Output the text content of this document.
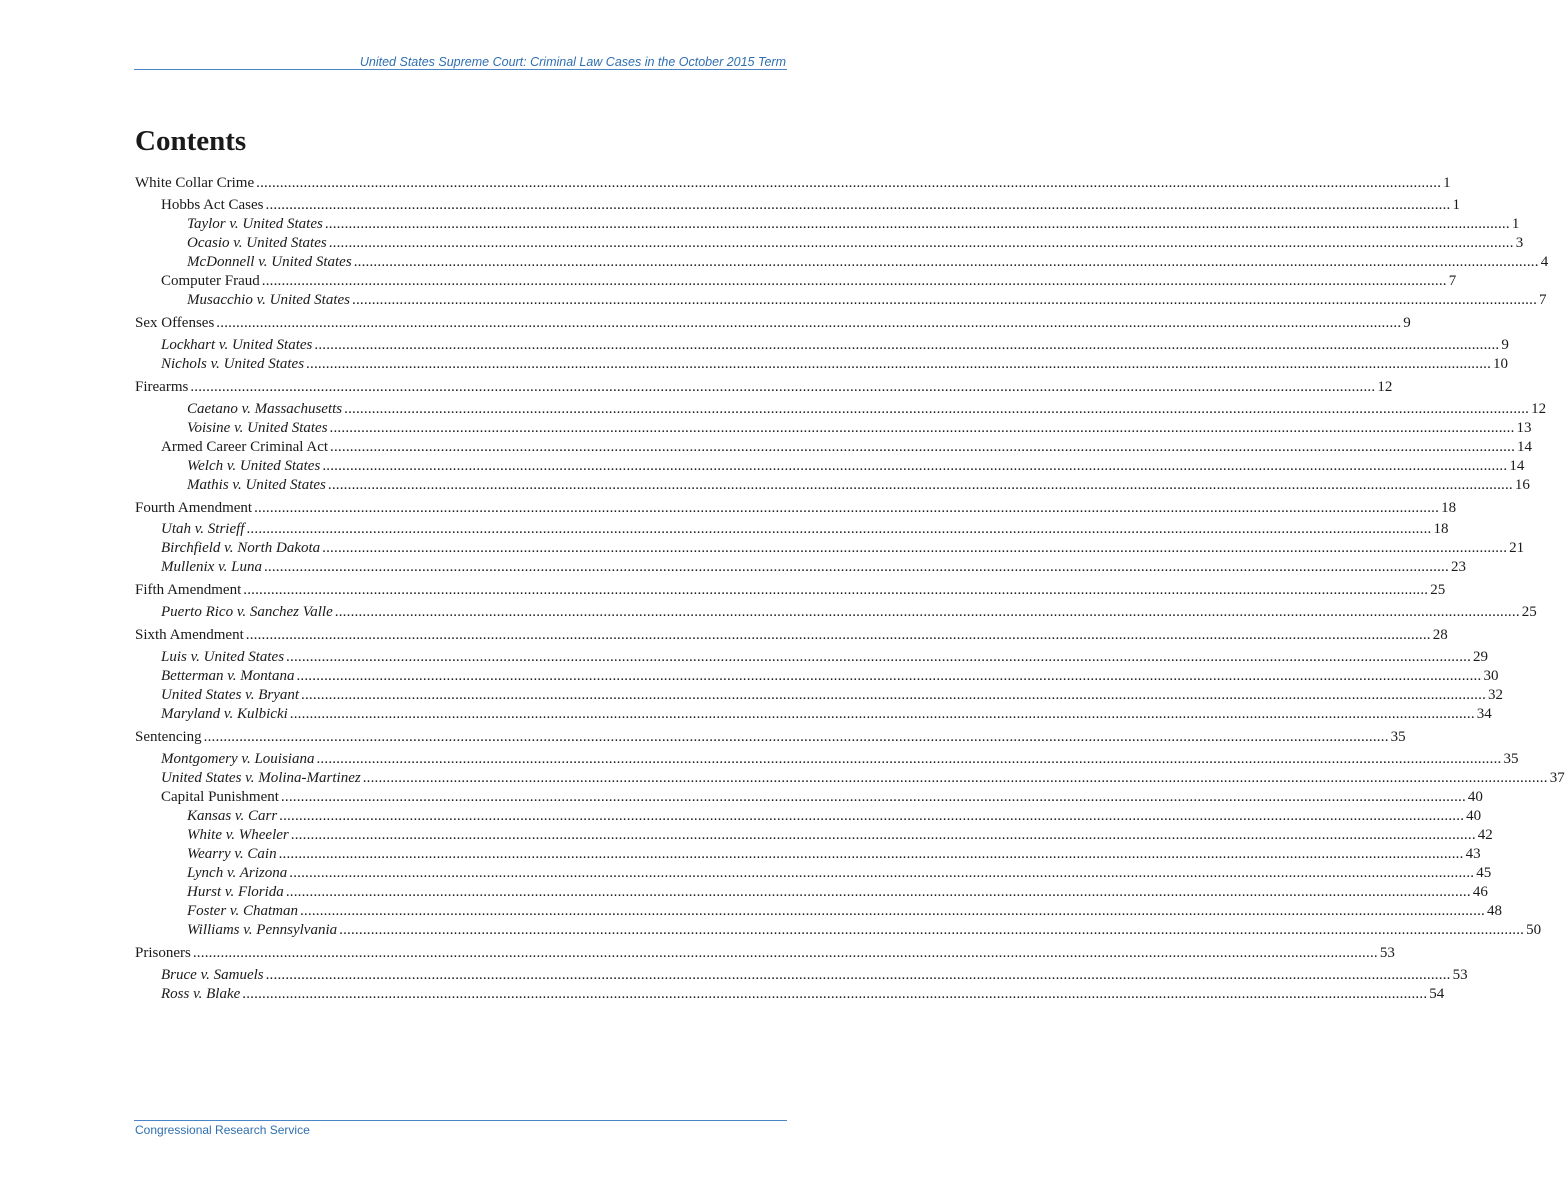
United States Supreme Court: Criminal Law Cases in the October 2015 Term
Contents
White Collar Crime ............................................................................................................................................................................................................................................................................................................ 1
Hobbs Act Cases ............................................................................................................................................................................................................................................................................................................ 1
Taylor v. United States ............................................................................................................................................................................................................................................................................................................ 1
Ocasio v. United States ............................................................................................................................................................................................................................................................................................................ 3
McDonnell v. United States ............................................................................................................................................................................................................................................................................................................ 4
Computer Fraud ............................................................................................................................................................................................................................................................................................................ 7
Musacchio v. United States ............................................................................................................................................................................................................................................................................................................ 7
Sex Offenses ............................................................................................................................................................................................................................................................................................................ 9
Lockhart v. United States ............................................................................................................................................................................................................................................................................................................ 9
Nichols v. United States ............................................................................................................................................................................................................................................................................................................ 10
Firearms ............................................................................................................................................................................................................................................................................................................ 12
Caetano v. Massachusetts ............................................................................................................................................................................................................................................................................................................ 12
Voisine v. United States ............................................................................................................................................................................................................................................................................................................ 13
Armed Career Criminal Act ............................................................................................................................................................................................................................................................................................................ 14
Welch v. United States ............................................................................................................................................................................................................................................................................................................ 14
Mathis v. United States ............................................................................................................................................................................................................................................................................................................ 16
Fourth Amendment ............................................................................................................................................................................................................................................................................................................ 18
Utah v. Strieff ............................................................................................................................................................................................................................................................................................................ 18
Birchfield v. North Dakota ............................................................................................................................................................................................................................................................................................................ 21
Mullenix v. Luna ............................................................................................................................................................................................................................................................................................................ 23
Fifth Amendment ............................................................................................................................................................................................................................................................................................................ 25
Puerto Rico v. Sanchez Valle ............................................................................................................................................................................................................................................................................................................ 25
Sixth Amendment ............................................................................................................................................................................................................................................................................................................ 28
Luis v. United States ............................................................................................................................................................................................................................................................................................................ 29
Betterman v. Montana ............................................................................................................................................................................................................................................................................................................ 30
United States v. Bryant ............................................................................................................................................................................................................................................................................................................ 32
Maryland v. Kulbicki ............................................................................................................................................................................................................................................................................................................ 34
Sentencing ............................................................................................................................................................................................................................................................................................................ 35
Montgomery v. Louisiana ............................................................................................................................................................................................................................................................................................................ 35
United States v. Molina-Martinez ............................................................................................................................................................................................................................................................................................................ 37
Capital Punishment ............................................................................................................................................................................................................................................................................................................ 40
Kansas v. Carr ............................................................................................................................................................................................................................................................................................................ 40
White v. Wheeler ............................................................................................................................................................................................................................................................................................................ 42
Wearry v. Cain ............................................................................................................................................................................................................................................................................................................ 43
Lynch v. Arizona ............................................................................................................................................................................................................................................................................................................ 45
Hurst v. Florida ............................................................................................................................................................................................................................................................................................................ 46
Foster v. Chatman ............................................................................................................................................................................................................................................................................................................ 48
Williams v. Pennsylvania ............................................................................................................................................................................................................................................................................................................ 50
Prisoners ............................................................................................................................................................................................................................................................................................................ 53
Bruce v. Samuels ............................................................................................................................................................................................................................................................................................................ 53
Ross v. Blake ............................................................................................................................................................................................................................................................................................................ 54
Congressional Research Service
